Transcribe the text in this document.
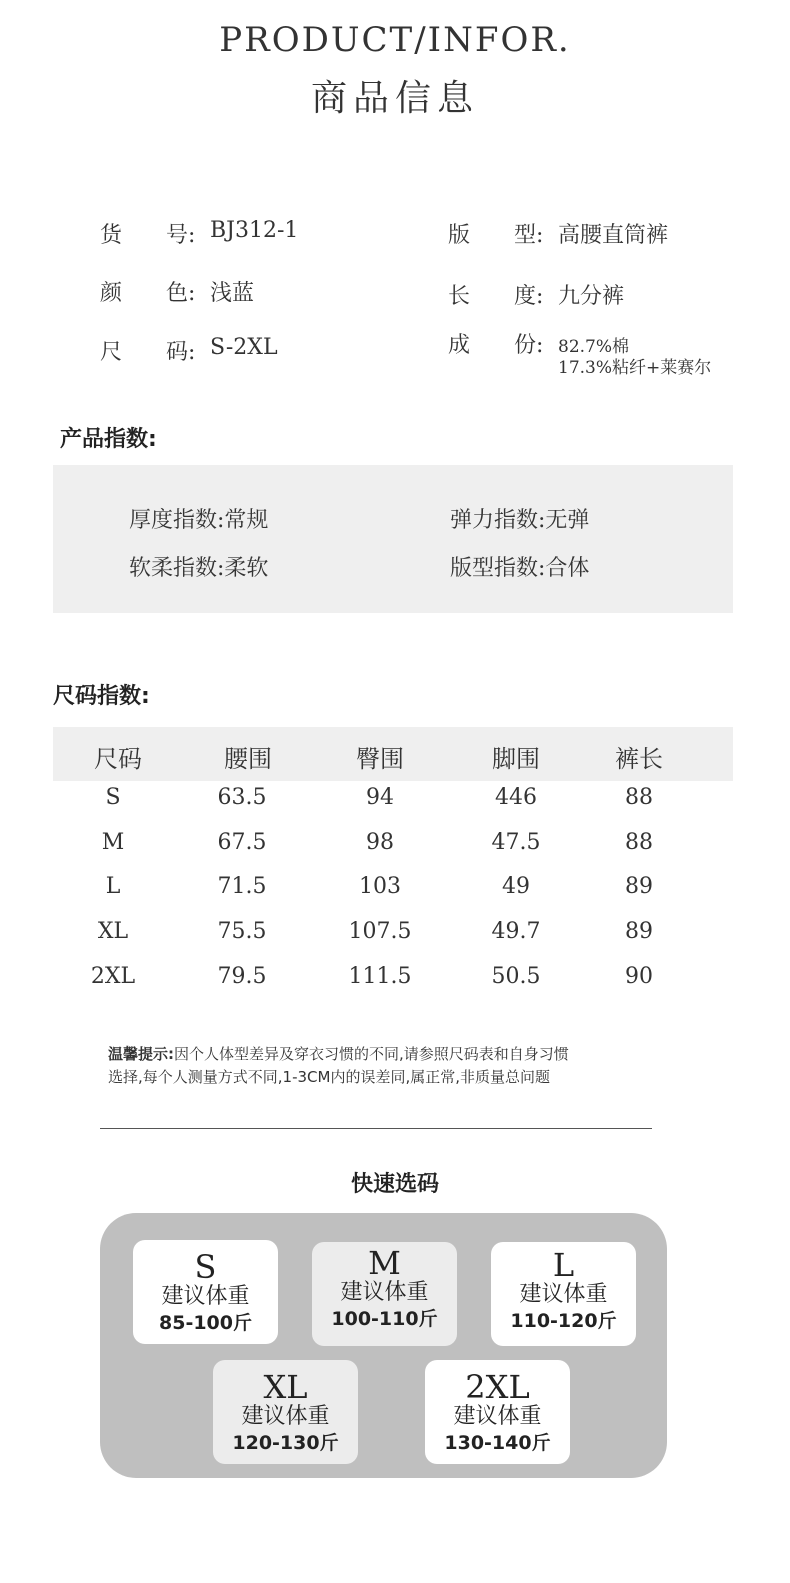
PRODUCT/INFOR.
商品信息
货 号: BJ312-1
颜 色: 浅蓝
尺 码: S-2XL
版 型: 高腰直筒裤
长 度: 九分裤
成 份: 82.7%棉
17.3%粘纤+莱赛尔
产品指数:
厚度指数:常规	弹力指数:无弹
软柔指数:柔软	版型指数:合体
尺码指数:
尺码	腰围	臀围	脚围	裤长
S	63.5	94	446	88
M	67.5	98	47.5	88
L	71.5	103	49	89
XL	75.5	107.5	49.7	89
2XL	79.5	111.5	50.5	90
温馨提示:因个人体型差异及穿衣习惯的不同,请参照尺码表和自身习惯
选择,每个人测量方式不同,1-3CM内的误差同,属正常,非质量总问题
快速选码
S
建议体重
85-100斤
M
建议体重
100-110斤
L
建议体重
110-120斤
XL
建议体重
120-130斤
2XL
建议体重
130-140斤
